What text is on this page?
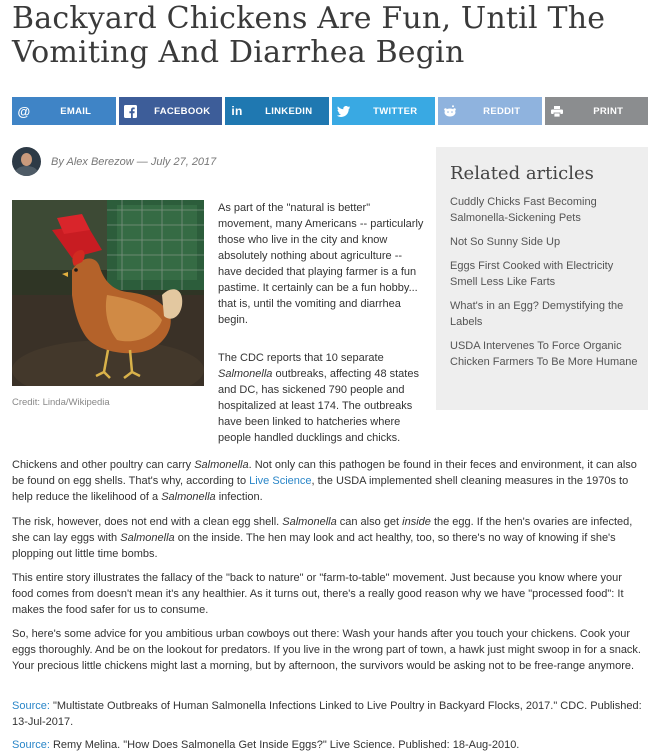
Backyard Chickens Are Fun, Until The Vomiting And Diarrhea Begin
@	EMAIL	FACEBOOK	in	LINKEDIN	TWITTER	REDDIT	PRINT
By Alex Berezow — July 27, 2017
Credit: Linda/Wikipedia

As part of the "natural is better" movement, many Americans -- particularly those who live in the city and know absolutely nothing about agriculture -- have decided that playing farmer is a fun pastime. It certainly can be a fun hobby... that is, until the vomiting and diarrhea begin.

The CDC reports that 10 separate Salmonella outbreaks, affecting 48 states and DC, has sickened 790 people and hospitalized at least 174. The outbreaks have been linked to hatcheries where people handled ducklings and chicks.

Related articles
Cuddly Chicks Fast Becoming Salmonella-Sickening Pets
Not So Sunny Side Up
Eggs First Cooked with Electricity Smell Less Like Farts
What's in an Egg? Demystifying the Labels
USDA Intervenes To Force Organic Chicken Farmers To Be More Humane

Chickens and other poultry can carry Salmonella. Not only can this pathogen be found in their feces and environment, it can also be found on egg shells. That's why, according to Live Science, the USDA implemented shell cleaning measures in the 1970s to help reduce the likelihood of a Salmonella infection.

The risk, however, does not end with a clean egg shell. Salmonella can also get inside the egg. If the hen's ovaries are infected, she can lay eggs with Salmonella on the inside. The hen may look and act healthy, too, so there's no way of knowing if she's plopping out little time bombs.

This entire story illustrates the fallacy of the "back to nature" or "farm-to-table" movement. Just because you know where your food comes from doesn't mean it's any healthier. As it turns out, there's a really good reason why we have "processed food": It makes the food safer for us to consume.

So, here's some advice for you ambitious urban cowboys out there: Wash your hands after you touch your chickens. Cook your eggs thoroughly. And be on the lookout for predators. If you live in the wrong part of town, a hawk just might swoop in for a snack. Your precious little chickens might last a morning, but by afternoon, the survivors would be asking not to be free-range anymore.

Source: "Multistate Outbreaks of Human Salmonella Infections Linked to Live Poultry in Backyard Flocks, 2017." CDC. Published: 13-Jul-2017.

Source: Remy Melina. "How Does Salmonella Get Inside Eggs?" Live Science. Published: 18-Aug-2010.
